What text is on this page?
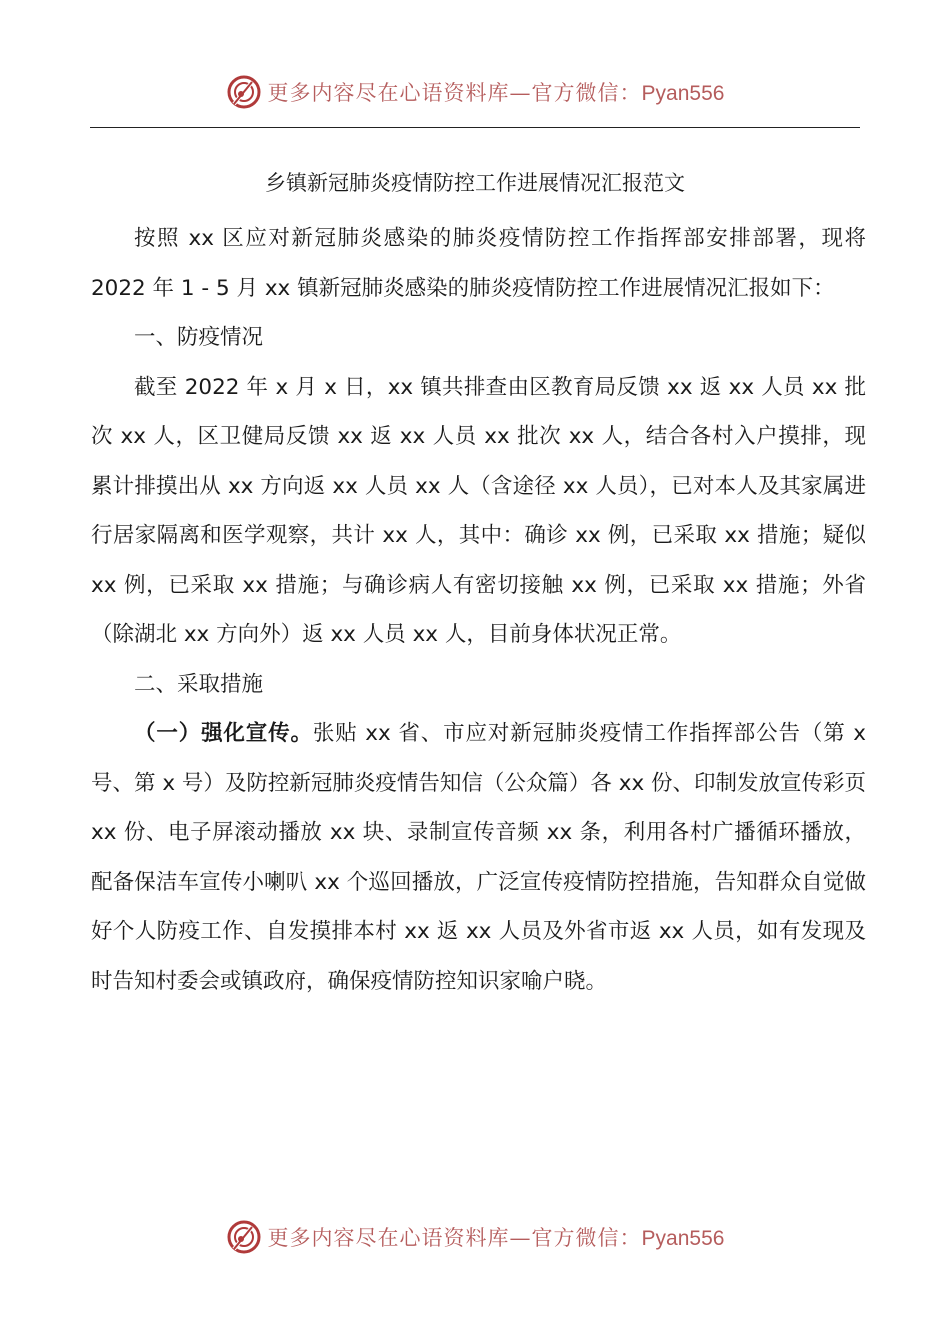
更多内容尽在心语资料库—官方微信：Pyan556
乡镇新冠肺炎疫情防控工作进展情况汇报范文

按照 xx 区应对新冠肺炎感染的肺炎疫情防控工作指挥部安排部署，现将 2022 年 1 - 5 月 xx 镇新冠肺炎感染的肺炎疫情防控工作进展情况汇报如下：

一、防疫情况

截至 2022 年 x 月 x 日，xx 镇共排查由区教育局反馈 xx 返 xx 人员 xx 批次 xx 人，区卫健局反馈 xx 返 xx 人员 xx 批次 xx 人，结合各村入户摸排，现累计排摸出从 xx 方向返 xx 人员 xx 人（含途径 xx 人员），已对本人及其家属进行居家隔离和医学观察，共计 xx 人，其中：确诊 xx 例，已采取 xx 措施；疑似 xx 例，已采取 xx 措施；与确诊病人有密切接触 xx 例，已采取 xx 措施；外省（除湖北 xx 方向外）返 xx 人员 xx 人，目前身体状况正常。

二、采取措施

（一）强化宣传。张贴 xx 省、市应对新冠肺炎疫情工作指挥部公告（第 x 号、第 x 号）及防控新冠肺炎疫情告知信（公众篇）各 xx 份、印制发放宣传彩页 xx 份、电子屏滚动播放 xx 块、录制宣传音频 xx 条，利用各村广播循环播放，配备保洁车宣传小喇叭 xx 个巡回播放，广泛宣传疫情防控措施，告知群众自觉做好个人防疫工作、自发摸排本村 xx 返 xx 人员及外省市返 xx 人员，如有发现及时告知村委会或镇政府，确保疫情防控知识家喻户晓。

更多内容尽在心语资料库—官方微信：Pyan556
